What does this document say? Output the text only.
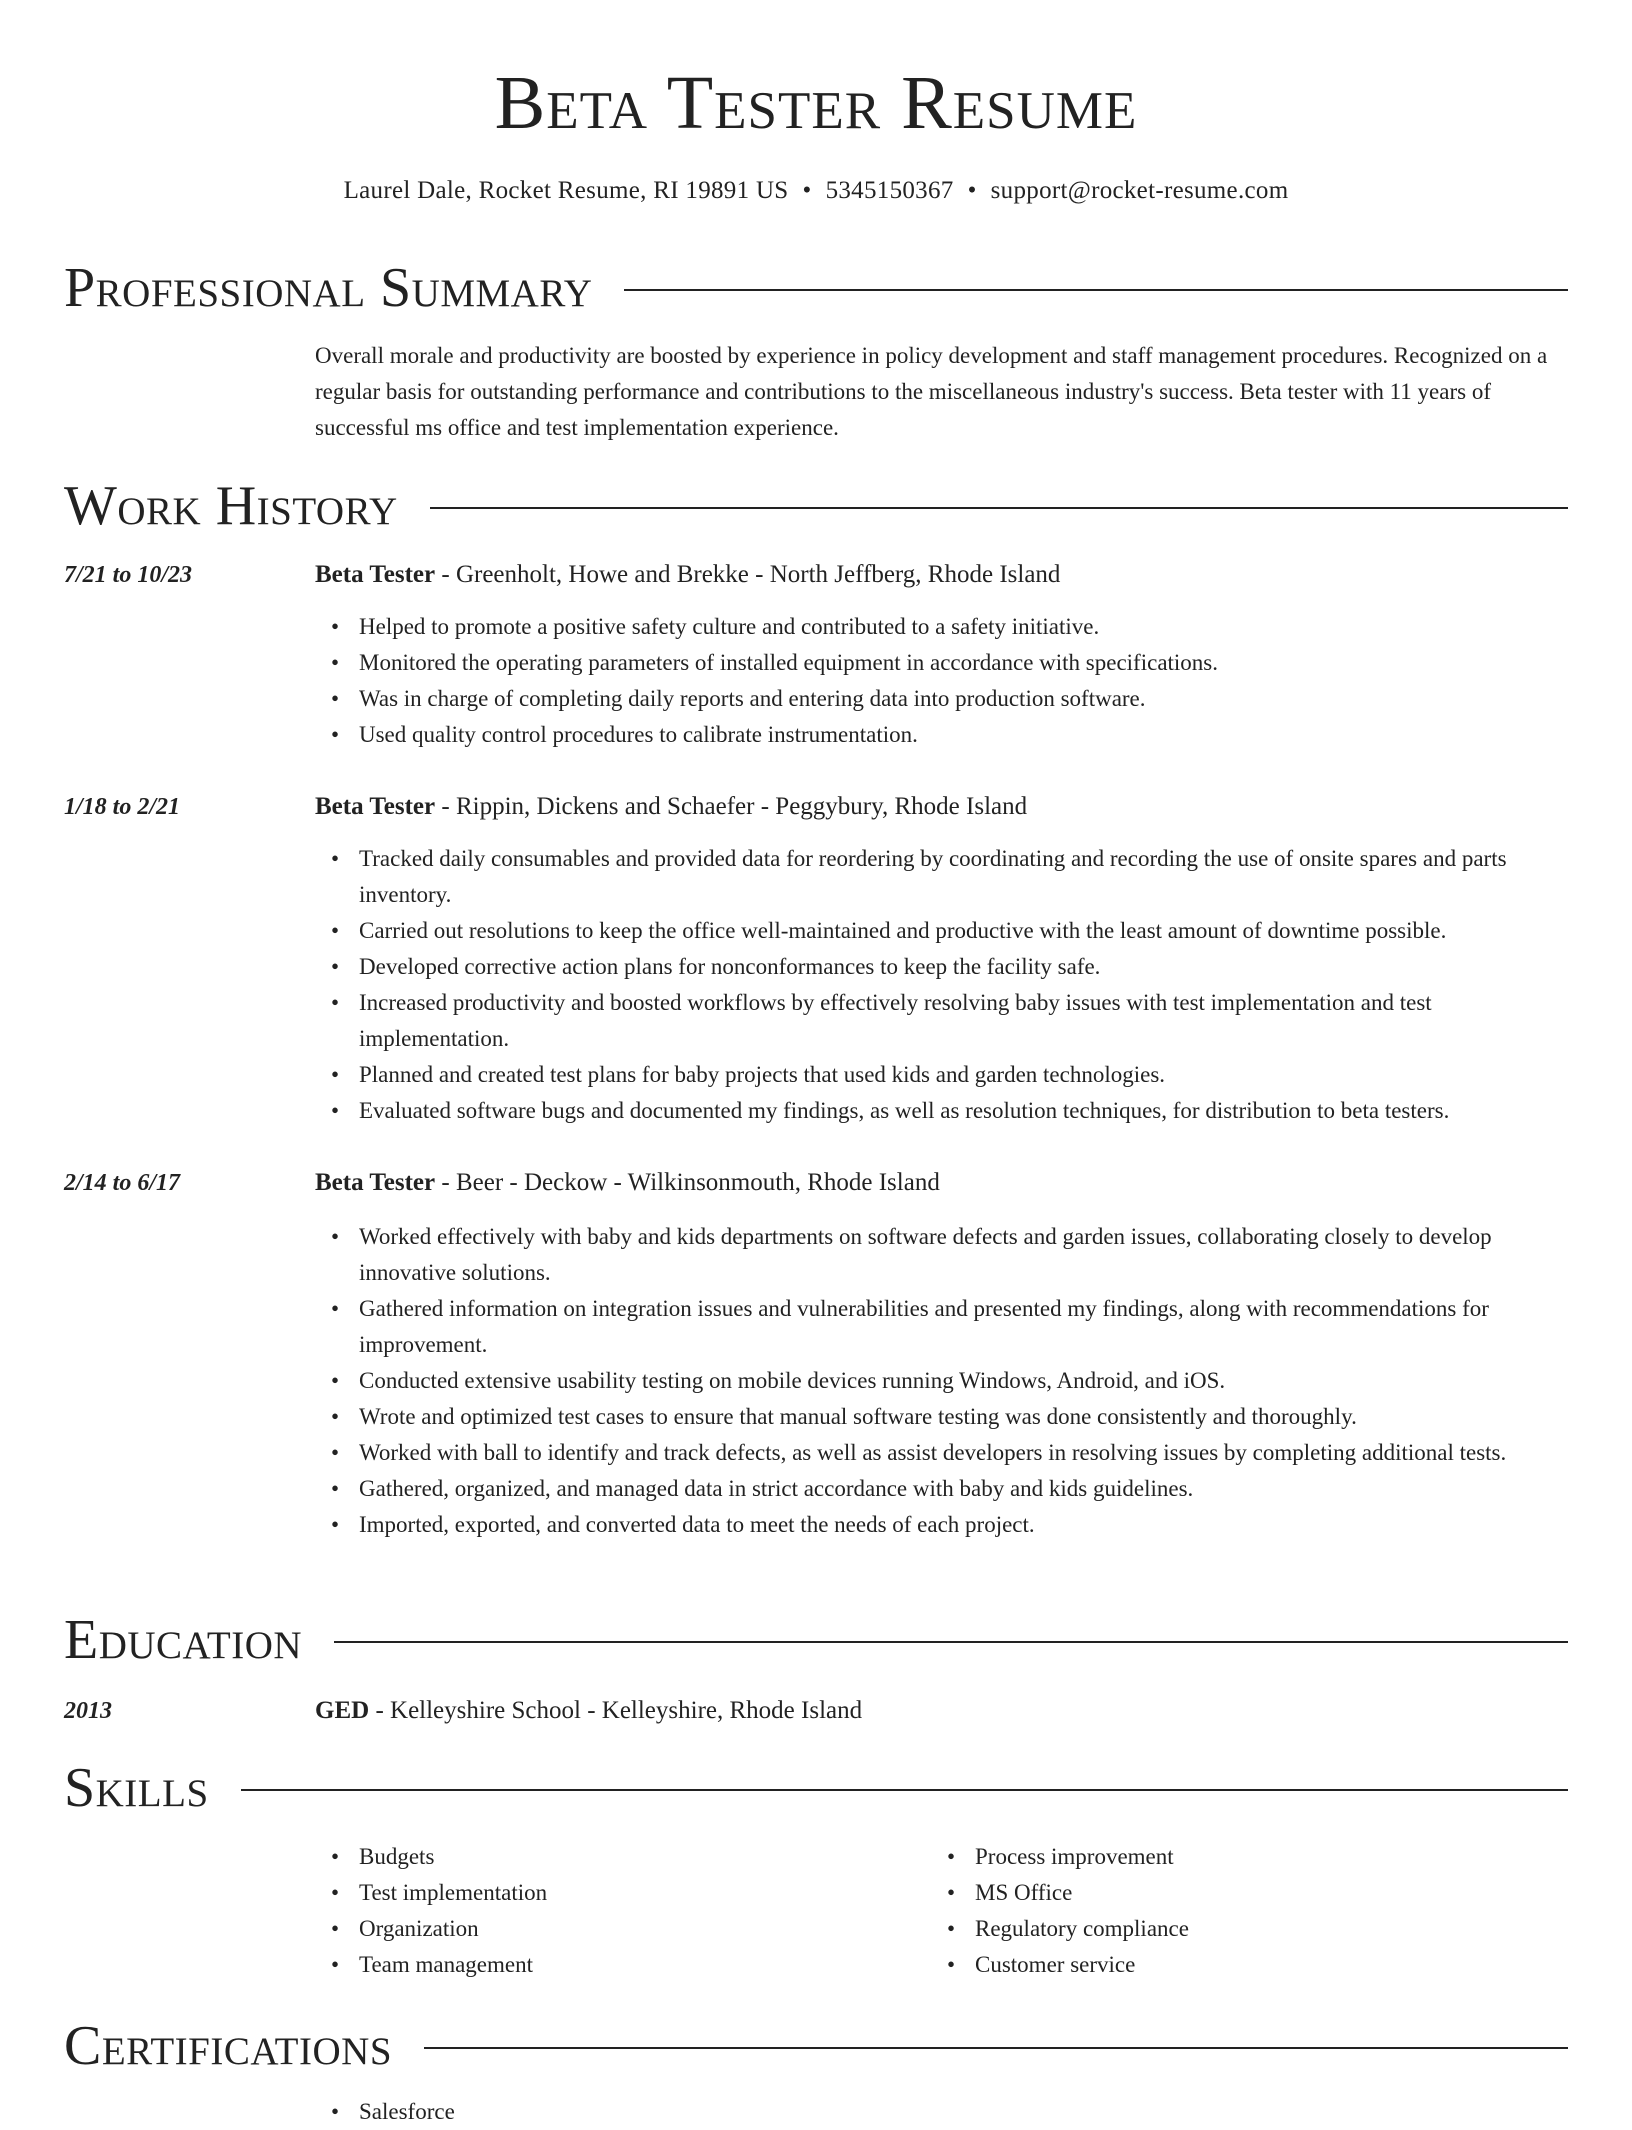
Beta Tester Resume
Laurel Dale, Rocket Resume, RI 19891 US • 5345150367 • support@rocket-resume.com
Professional Summary
Overall morale and productivity are boosted by experience in policy development and staff management procedures. Recognized on a regular basis for outstanding performance and contributions to the miscellaneous industry's success. Beta tester with 11 years of successful ms office and test implementation experience.
Work History
7/21 to 10/23	Beta Tester - Greenholt, Howe and Brekke - North Jeffberg, Rhode Island
• Helped to promote a positive safety culture and contributed to a safety initiative.
• Monitored the operating parameters of installed equipment in accordance with specifications.
• Was in charge of completing daily reports and entering data into production software.
• Used quality control procedures to calibrate instrumentation.
1/18 to 2/21	Beta Tester - Rippin, Dickens and Schaefer - Peggybury, Rhode Island
• Tracked daily consumables and provided data for reordering by coordinating and recording the use of onsite spares and parts inventory.
• Carried out resolutions to keep the office well-maintained and productive with the least amount of downtime possible.
• Developed corrective action plans for nonconformances to keep the facility safe.
• Increased productivity and boosted workflows by effectively resolving baby issues with test implementation and test implementation.
• Planned and created test plans for baby projects that used kids and garden technologies.
• Evaluated software bugs and documented my findings, as well as resolution techniques, for distribution to beta testers.
2/14 to 6/17	Beta Tester - Beer - Deckow - Wilkinsonmouth, Rhode Island
• Worked effectively with baby and kids departments on software defects and garden issues, collaborating closely to develop innovative solutions.
• Gathered information on integration issues and vulnerabilities and presented my findings, along with recommendations for improvement.
• Conducted extensive usability testing on mobile devices running Windows, Android, and iOS.
• Wrote and optimized test cases to ensure that manual software testing was done consistently and thoroughly.
• Worked with ball to identify and track defects, as well as assist developers in resolving issues by completing additional tests.
• Gathered, organized, and managed data in strict accordance with baby and kids guidelines.
• Imported, exported, and converted data to meet the needs of each project.
Education
2013	GED - Kelleyshire School - Kelleyshire, Rhode Island
Skills
• Budgets
• Test implementation
• Organization
• Team management
• Process improvement
• MS Office
• Regulatory compliance
• Customer service
Certifications
• Salesforce
